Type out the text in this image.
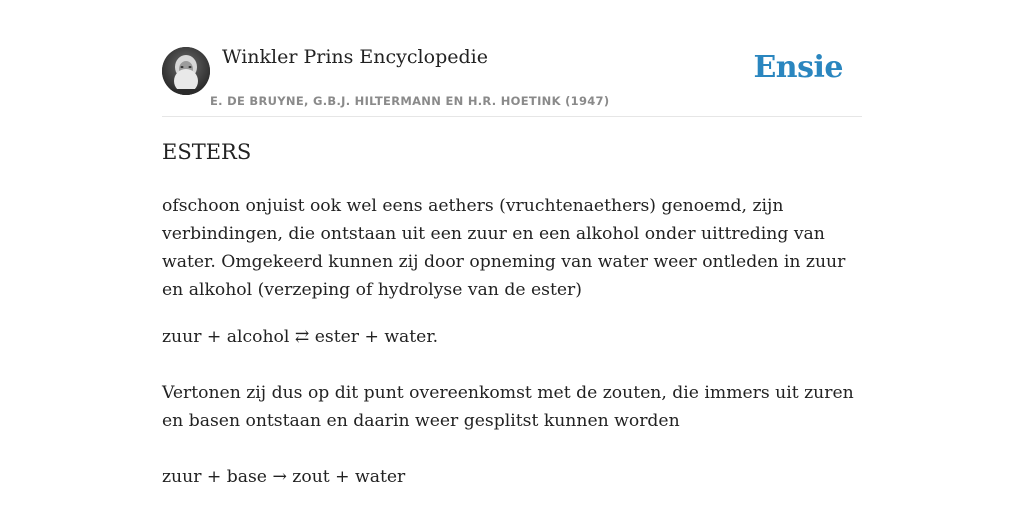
Winkler Prins Encyclopedie
E. DE BRUYNE, G.B.J. HILTERMANN EN H.R. HOETINK (1947)
Ensie
ESTERS

ofschoon onjuist ook wel eens aethers (vruchtenaethers) genoemd, zijn verbindingen, die ontstaan uit een zuur en een alkohol onder uittreding van water. Omgekeerd kunnen zij door opneming van water weer ontleden in zuur en alkohol (verzeping of hydrolyse van de ester)

zuur + alcohol ⇄ ester + water.

Vertonen zij dus op dit punt overeenkomst met de zouten, die immers uit zuren en basen ontstaan en daarin weer gesplitst kunnen worden

zuur + base → zout + water
